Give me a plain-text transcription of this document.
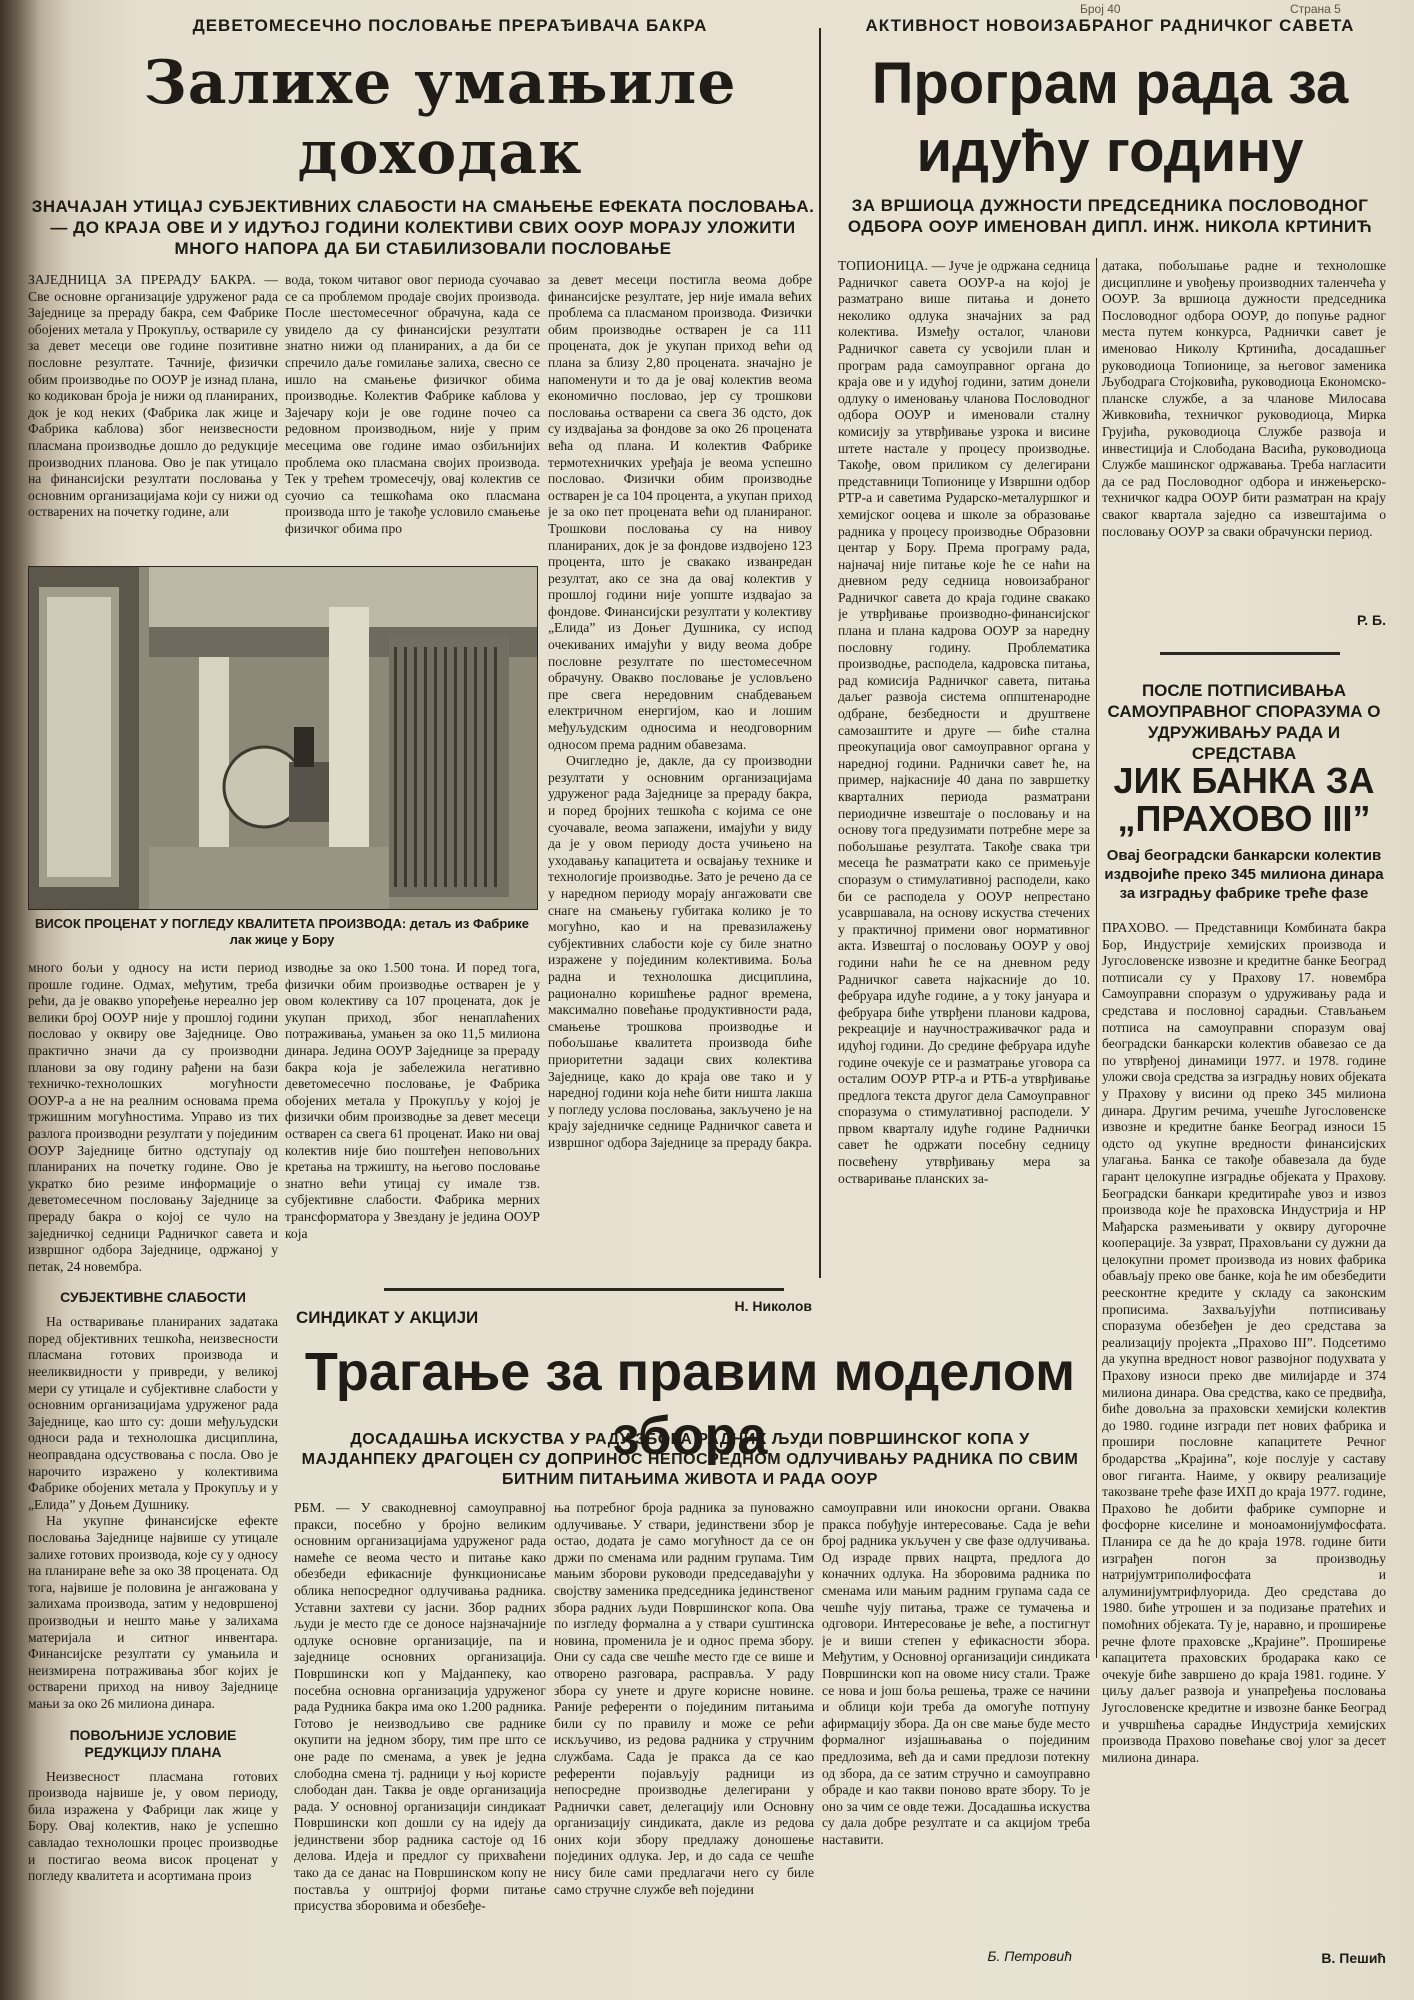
Број 40	Страна 5
ДЕВЕТОМЕСЕЧНО ПОСЛОВАЊЕ ПРЕРАЂИВАЧА БАКРА
Залихе умањиле доходак
ЗНАЧАЈАН УТИЦАЈ СУБЈЕКТИВНИХ СЛАБОСТИ НА СМАЊЕЊЕ ЕФЕКАТА ПОСЛОВАЊА. — ДО КРАЈА ОВЕ И У ИДУЋОЈ ГОДИНИ КОЛЕКТИВИ СВИХ ООУР МОРАЈУ УЛОЖИТИ МНОГО НАПОРА ДА БИ СТАБИЛИЗОВАЛИ ПОСЛОВАЊЕ

ЗАЈЕДНИЦА ЗА ПРЕРАДУ БАКРА. — Све основне организације удруженог рада Заједнице за прераду бакра, сем Фабрике обојених метала у Прокупљу, оствариле су за девет месеци ове године позитивне пословне резултате. Тачније, физички обим производње по ООУР је изнад плана, ко кодикован броја је нижи од планираних, док је код неких (Фабрика лак жице и Фабрика каблова) због неизвесности пласмана производње дошло до редукције производних планова. Ово је пак утицало на финансијски резултати пословања у основним организацијама који су нижи од остварених на почетку године, али

вода, током читавог овог периода суочавао се са проблемом продаје својих производа. После шестомесечног обрачуна, када се увидело да су финансијски резултати знатно нижи од планираних, а да би се спречило даље гомилање залиха, свесно се ишло на смањење физичког обима производње. Колектив Фабрике каблова у Зајечару који је ове године почео са редовном производњом, није у прим месецима ове године имао озбиљнијих проблема око пласмана својих производа. Тек у трећем тромесечју, овај колектив се суочио са тешкоћама око пласмана производа што је такође условило смањење физичког обима про

за девет месеци постигла веома добре финансијске резултате, јер није имала већих проблема са пласманом производа. Физички обим производње остварен је са 111 процената, док је укупан приход већи од плана за близу 2,80 процената. значајно је напоменути и то да је овај колектив веома економично пословао, јер су трошкови пословања остварени са свега 36 одсто, док су издвајања за фондове за око 26 процената већа од плана. И колектив Фабрике термотехничких уређаја је веома успешно пословао. Физички обим производње остварен је са 104 процента, а укупан приход је за око пет процената већи од планираног. Трошкови пословања су на нивоу планираних, док је за фондове издвојено 123 процента, што је свакако изванредан резултат, ако се зна да овај колектив у прошлој години није уопште издвајао за фондове. Финансијски резултати у колективу „Елида” из Доњег Душника, су испод очекиваних имајући у виду веома добре пословне резултате по шестомесечном обрачуну. Овакво пословање је условљено пре свега нередовним снабдевањем електричном енергијом, као и лошим међуљудским односима и неодговорним односом према радним обавезама.

Очигледно је, дакле, да су производни резултати у основним организацијама удруженог рада Заједнице за прераду бакра, и поред бројних тешкоћа с којима се оне суочавале, веома запажени, имајући у виду да је у овом периоду доста учињено на уходавању капацитета и освајању технике и технологије производње. Зато је речено да се у наредном периоду морају ангажовати све снаге на смањењу губитака колико је то могућно, као и на превазилажењу субјективних слабости које су биле знатно изражене у појединим колективима. Боља радна и технолошка дисциплина, рационално коришћење радног времена, максимално повећање продуктивности рада, смањење трошкова производње и побољшање квалитета производа биће приоритетни задаци свих колектива Заједнице, како до краја ове тако и у наредној години која неће бити ништа лакша у погледу услова пословања, закључено је на крају заједничке седнице Радничког савета и извршног одбора Заједнице за прераду бакра.

Н. Николов
ВИСОК ПРОЦЕНАТ У ПОГЛЕДУ КВАЛИТЕТА ПРОИЗВОДА: детаљ из Фабрике лак жице у Бору

много бољи у односу на исти период прошле године. Одмах, међутим, треба рећи, да је овакво упоређење нереално јер велики број ООУР није у прошлој години пословао у оквиру ове Заједнице. Ово практично значи да су производни планови за ову годину рађени на бази техничко-технолошких могућности ООУР-а а не на реалним основама према тржишним могућностима. Управо из тих разлога производни резултати у појединим ООУР Заједнице битно одступају од планираних на почетку године. Ово је укратко био резиме информације о деветомесечном пословању Заједнице за прераду бакра о којој се чуло на заједничкој седници Радничког савета и извршног одбора Заједнице, одржаној у петак, 24 новембра.

СУБЈЕКТИВНЕ СЛАБОСТИ

На остваривање планираних задатака поред објективних тешкоћа, неизвесности пласмана готових производа и нееликвидности у привреди, у великој мери су утицале и субјективне слабости у основним организацијама удруженог рада Заједнице, као што су: доши међуљудски односи рада и технолошка дисциплина, неоправдана одсуствовања с посла. Ово је нарочито изражено у колективима Фабрике обојених метала у Прокупљу и у „Елида” у Доњем Душнику.

На укупне финансијске ефекте пословања Заједнице највише су утицале залихе готових производа, које су у односу на планиране веће за око 38 процената. Од тога, највише је половина је ангажована у залихама производа, затим у недовршеној производњи и нешто мање у залихама материјала и ситног инвентара. Финансијске резултати су умањила и неизмирена потраживања због којих је остварени приход на нивоу Заједнице мањи за око 26 милиона динара.

ПОВОЉНИЈЕ УСЛОВИЕ РЕДУКЦИЈУ ПЛАНА

Неизвесност пласмана готових производа највише је, у овом периоду, била изражена у Фабрици лак жице у Бору. Овај колектив, нако је успешно савладао технолошки процес производње и постигао веома висок проценат у погледу квалитета и асортимана произ

изводње за око 1.500 тона. И поред тога, физички обим производње остварен је у овом колективу са 107 процената, док је укупан приход, због ненаплаћених потраживања, умањен за око 11,5 милиона динара. Једина ООУР Заједнице за прераду бакра која је забележила негативно деветомесечно пословање, је Фабрика обојених метала у Прокупљу у којој је физички обим производње за девет месеци остварен са свега 61 проценат. Иако ни овај колектив није био поштеђен неповољних кретања на тржишту, на његово пословање знатно већи утицај су имале тзв. субјективне слабости. Фабрика мерних трансформатора у Звездану је једина ООУР која

АКТИВНОСТ НОВОИЗАБРАНОГ РАДНИЧКОГ САВЕТА
Програм рада за идућу годину
ЗА ВРШИОЦА ДУЖНОСТИ ПРЕДСЕДНИКА ПОСЛОВОДНОГ ОДБОРА ООУР ИМЕНОВАН ДИПЛ. ИНЖ. НИКОЛА КРТИНИЋ

ТОПИОНИЦА. — Јуче је одржана седница Радничког савета ООУР-а на којој је разматрано више питања и донето неколико одлука значајних за рад колектива. Између осталог, чланови Радничког савета су усвојили план и програм рада самоуправног органа до краја ове и у идућој години, затим донели одлуку о именовању чланова Пословодног одбора ООУР и именовали сталну комисију за утврђивање узрока и висине штете настале у процесу производње. Такође, овом приликом су делегирани представници Топионице у Извршни одбор РТР-а и саветима Рударско-металуршког и хемијског ооцева и школе за образовање радника у процесу производње Образовни центар у Бору. Према програму рада, најначај није питање које ће се наћи на дневном реду седница новоизабраног Радничког савета до краја године свакако је утврђивање производно-финансијског плана и плана кадрова ООУР за наредну пословну годину. Проблематика производње, расподела, кадровска питања, рад комисија Радничког савета, питања даљег развоја система оппштенародне одбране, безбедности и друштвене самозаштите и друге — биће стална преокупација овог самоуправног органа у наредној години. Раднички савет ће, на пример, најкасније 40 дана по завршетку кварталних периода разматрани периодичне извештаје о пословању и на основу тога предузимати потребне мере за побољшање резултата. Такође свака три месеца ће разматрати како се примењује споразум о стимулативној расподели, како би се расподела у ООУР непрестано усавршавала, на основу искуства стечених у практичној примени овог нормативног акта. Извештај о пословању ООУР у овој години наћи ће се на дневном реду Радничког савета најкасније до 10. фебруара идуће године, а у току јануара и фебруара биће утврђени планови кадрова, рекреације и научностраживачког рада и идућој години. До средине фебруара идуће године очекује се и разматрање уговора са осталим ООУР РТР-а и РТБ-а утврђивање предлога текста другог дела Самоуправног споразума о стимулативној расподели. У првом кварталу идуће године Раднички савет ће одржати посебну седницу посвећену утврђивању мера за остваривање планских за-

датака, побољшање радне и технолошке дисциплине и увођењу производних таленчећа у ООУР. За вршиоца дужности председника Пословодног одбора ООУР, до попуње радног места путем конкурса, Раднички савет је именовао Николу Кртинића, досадашњег руководиоца Топионице, за његовог заменика Љубодрага Стојковића, руководиоца Економско-планске службе, а за чланове Милосава Живковића, техничког руководиоца, Мирка Грујића, руководиоца Службе развоја и инвестиција и Слободана Васића, руководиоца Службе машинског одржавања. Треба нагласити да се рад Пословодног одбора и инжењерско-техничког кадра ООУР бити разматран на крају сваког квартала заједно са извештајима о пословању ООУР за сваки обрачунски период.

Р. Б.
ПОСЛЕ ПОТПИСИВАЊА САМОУПРАВНОГ СПОРАЗУМА О УДРУЖИВАЊУ РАДА И СРЕДСТАВА
ЈИК БАНКА ЗА „ПРАХОВО III”
Овај београдски банкарски колектив издвојиће преко 345 милиона динара за изградњу фабрике треће фазе

ПРАХОВО. — Представници Комбината бакра Бор, Индустрије хемијских производа и Југословенске извозне и кредитне банке Београд потписали су у Прахову 17. новембра Самоуправни споразум о удруживању рада и средстава и пословној сарадњи. Стављањем потписа на самоуправни споразум овај београдски банкарски колектив обавезао се да по утврђеној динамици 1977. и 1978. године уложи своја средства за изградњу нових објеката у Прахову у висини од преко 345 милиона динара. Другим речима, учешће Југословенске извозне и кредитне банке Београд износи 15 одсто од укупне вредности финансијских улагања. Банка се такође обавезала да буде гарант целокупне изградње објеката у Прахову. Београдски банкари кредитираће увоз и извоз производа које ће праховска Индустрија и НР Мађарска размењивати у оквиру дугорочне кооперације. За узврат, Праховљани су дужни да целокупни промет производа из нових фабрика обављају преко ове банке, која ће им обезбедити реесконтне кредите у складу са законским прописима. Захваљујући потписивању споразума обезбеђен је део средстава за реализацију пројекта „Прахово III”. Подсетимо да укупна вредност новог развојног подухвата у Прахову износи преко две милијарде и 374 милиона динара. Ова средства, како се предвиђа, биће довољна за праховски хемијски колектив до 1980. године изгради пет нових фабрика и прошири пословне капацитете Речног бродарства „Крајина”, које послује у саставу овог гиганта. Наиме, у оквиру реализације такозване треће фазе ИХП до краја 1977. године, Прахово ће добити фабрике сумпорне и фосфорне киселине и моноамонијумфосфата. Планира се да ће до краја 1978. године бити изграђен погон за производњу натријумтриполифосфата и алуминијумтрифлуорида. Део средстава до 1980. биће утрошен и за подизање пратећих и помоћних објеката. Ту је, наравно, и проширење речне флоте праховске „Крајине”. Проширење капацитета праховских бродарака како се очекује биће завршено до краја 1981. године. У циљу даљег развоја и унапређења пословања Југословенске кредитне и извозне банке Београд и учвршћења сарадње Индустрија хемијских производа Прахово повећање свој улог за десет милиона динара.

В. Пешић
СИНДИКАТ У АКЦИЈИ
Трагање за правим моделом збора
ДОСАДАШЊА ИСКУСТВА У РАДУ ЗБОРА РАДНИХ ЉУДИ ПОВРШИНСКОГ КОПА У МАЈДАНПЕКУ ДРАГОЦЕН СУ ДОПРИНОС НЕПОСРЕДНОМ ОДЛУЧИВАЊУ РАДНИКА ПО СВИМ БИТНИМ ПИТАЊИМА ЖИВОТА И РАДА ООУР

РБМ. — У свакодневној самоуправној пракси, посебно у бројно великим основним организацијама удруженог рада намеће се веома често и питање како обезбеди ефикасније функционисање облика непосредног одлучивања радника. Уставни захтеви су јасни. Збор радних људи је место где се доносе најзначајније одлуке основне организације, па и заједнице основних организација. Површински коп у Мајданпеку, као посебна основна организација удруженог рада Рудника бакра има око 1.200 радника. Готово је неизводљиво све раднике окупити на једном збору, тим пре што се оне раде по сменама, а увек је једна слободна смена тј. радници у њој користе слободан дан. Таква је овде организација рада. У основној организацији синдикаат Површински коп дошли су на идеју да јединствени збор радника састојe од 16 делова. Идеја и предлог су прихваћени тако да се данас на Површинском копу не поставља у оштријој форми питање присуства зборовима и обезбеђе-

ња потребног броја радника за пуноважно одлучивање. У ствари, јединствени збор је остао, додата је само могућност да се он држи по сменама или радним групама. Тим мањим зборови руководи председавајући у својству заменика председника јединственог збора радних људи Површинског копа. Ова по изгледу формална а у ствари суштинска новина, променила је и однос према збору. Они су сада све чешће место где се више и отворено разговара, расправља. У раду збора су унете и друге корисне новине. Раније референти о појединим питањима били су по правилу и може се рећи искључиво, из редова радника у стручним службама. Сада је пракса да се као референти појављују радници из непосредне производње делегирани у Раднички савет, делегацију или Основну организацију синдиката, дакле из редова оних који збору предлажу доношење појединих одлука. Јер, и до сада се чешће нису биле сами предлагачи него су биле само стручне службе већ поједини

самоуправни или инокосни органи. Оваква пракса побуђује интересовање. Сада је већи број радника укључен у све фазе одлучивања. Од израде првих нацрта, предлога до коначних одлука. На зборовима радника по сменама или мањим радним групама сада се чешће чују питања, траже се тумачења и одговори. Интересовање је веће, а постигнут је и виши степен у ефикасности збора. Међутим, у Основној организацији синдиката Површински коп на овоме нису стали. Траже се нова и још боља решења, траже се начини и облици који треба да омогуће потпуну афирмацију збора. Да он све мање буде место формалног изјашњавања о појединим предлозима, већ да и сами предлози потекну од збора, да се затим стручно и самоуправно обраде и као такви поново врате збору. То је оно за чим се овде тежи. Досадашња искуства су дала добре резултате и са акцијом треба наставити.

Б. Петровић
